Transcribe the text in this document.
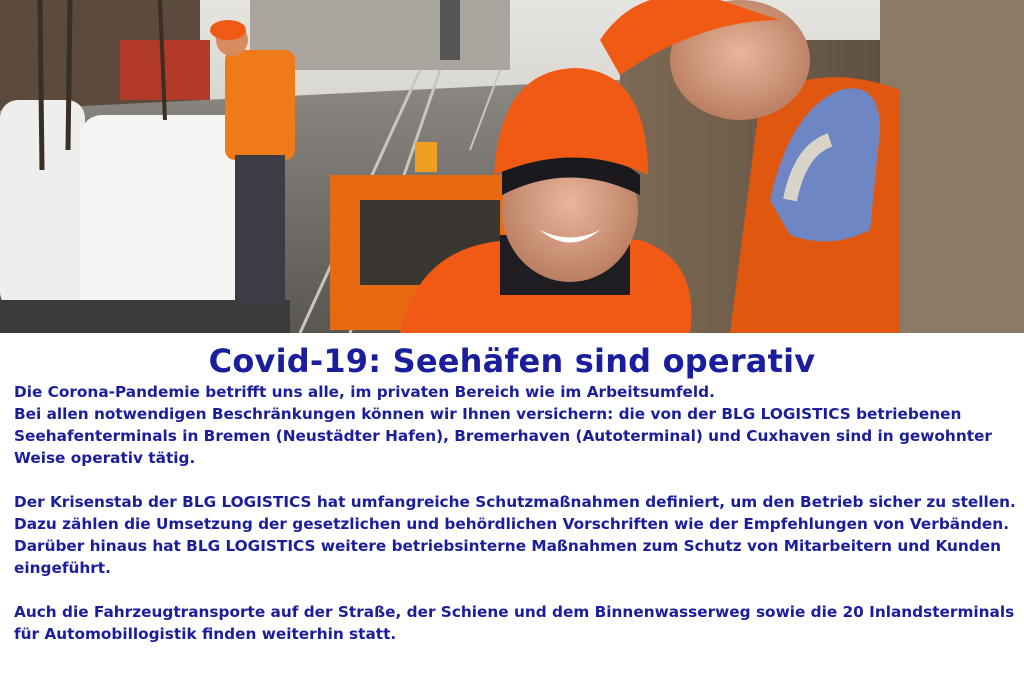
Covid-19: Seehäfen sind operativ

Die Corona-Pandemie betrifft uns alle, im privaten Bereich wie im Arbeitsumfeld.
Bei allen notwendigen Beschränkungen können wir Ihnen versichern: die von der BLG LOGISTICS betriebenen
Seehafenterminals in Bremen (Neustädter Hafen), Bremerhaven (Autoterminal) und Cuxhaven sind in gewohnter
Weise operativ tätig.

Der Krisenstab der BLG LOGISTICS hat umfangreiche Schutzmaßnahmen definiert, um den Betrieb sicher zu stellen.
Dazu zählen die Umsetzung der gesetzlichen und behördlichen Vorschriften wie der Empfehlungen von Verbänden.
Darüber hinaus hat BLG LOGISTICS weitere betriebsinterne Maßnahmen zum Schutz von Mitarbeitern und Kunden
eingeführt.

Auch die Fahrzeugtransporte auf der Straße, der Schiene und dem Binnenwasserweg sowie die 20 Inlandsterminals
für Automobillogistik finden weiterhin statt.
